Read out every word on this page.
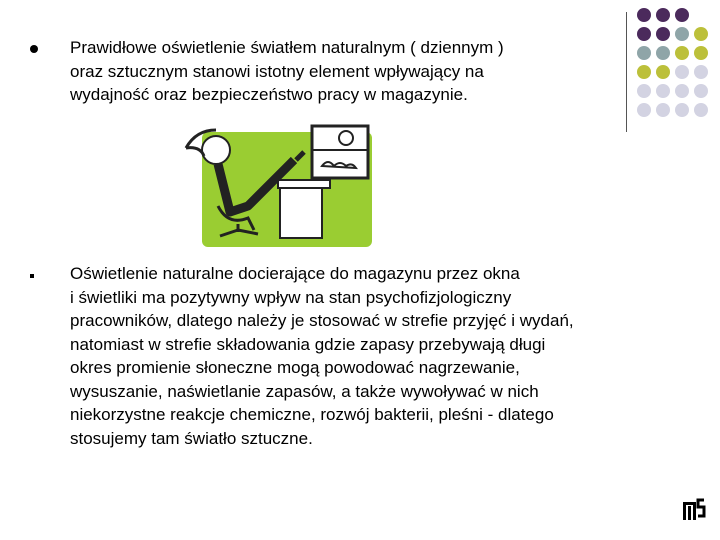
Prawidłowe oświetlenie światłem naturalnym ( dziennym )
oraz sztucznym stanowi istotny element wpływający na
wydajność oraz bezpieczeństwo pracy w magazynie.
Oświetlenie naturalne docierające do magazynu przez okna
i świetliki ma pozytywny wpływ na stan psychofizjologiczny
pracowników, dlatego należy je stosować w strefie przyjęć i wydań,
natomiast w strefie składowania gdzie zapasy przebywają długi
okres promienie słoneczne mogą powodować nagrzewanie,
wysuszanie, naświetlanie zapasów, a także wywoływać w nich
niekorzystne reakcje chemiczne, rozwój bakterii, pleśni - dlatego
stosujemy tam światło sztuczne.
